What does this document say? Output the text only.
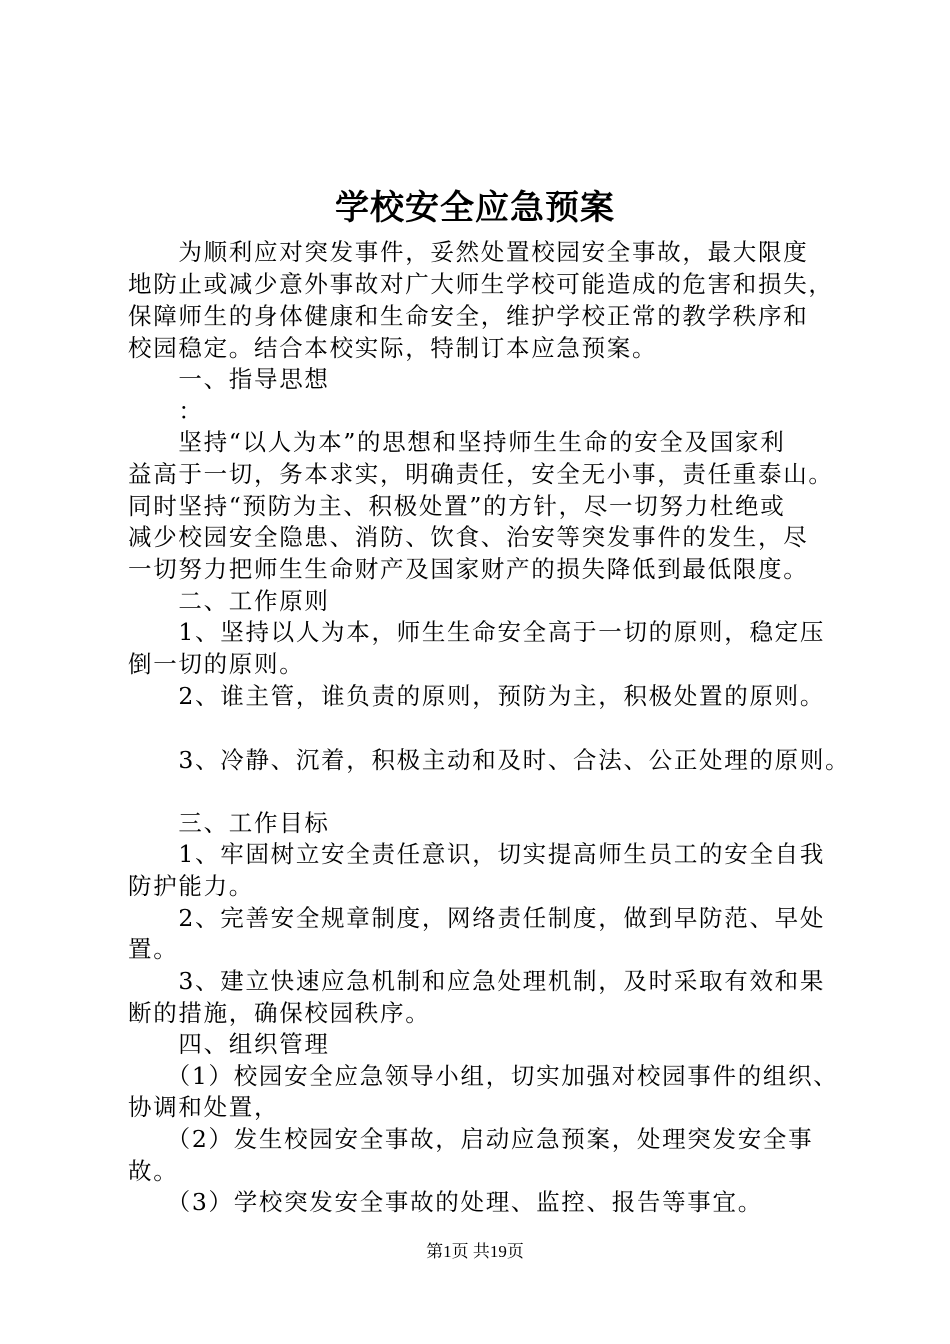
学校安全应急预案
　　为顺利应对突发事件，妥然处置校园安全事故，最大限度
地防止或减少意外事故对广大师生学校可能造成的危害和损失，
保障师生的身体健康和生命安全，维护学校正常的教学秩序和
校园稳定。结合本校实际，特制订本应急预案。
　　一、指导思想
　　：
　　坚持“以人为本”的思想和坚持师生生命的安全及国家利
益高于一切，务本求实，明确责任，安全无小事，责任重泰山。
同时坚持“预防为主、积极处置”的方针，尽一切努力杜绝或
减少校园安全隐患、消防、饮食、治安等突发事件的发生，尽
一切努力把师生生命财产及国家财产的损失降低到最低限度。
　　二、工作原则
　　1、坚持以人为本，师生生命安全高于一切的原则，稳定压
倒一切的原则。
　　2、谁主管，谁负责的原则，预防为主，积极处置的原则。
　　3、冷静、沉着，积极主动和及时、合法、公正处理的原则。
　　三、工作目标
　　1、牢固树立安全责任意识，切实提高师生员工的安全自我
防护能力。
　　2、完善安全规章制度，网络责任制度，做到早防范、早处
置。
　　3、建立快速应急机制和应急处理机制，及时采取有效和果
断的措施，确保校园秩序。
　　四、组织管理
　　（1）校园安全应急领导小组，切实加强对校园事件的组织、
协调和处置，
　　（2）发生校园安全事故，启动应急预案，处理突发安全事
故。
　　（3）学校突发安全事故的处理、监控、报告等事宜。
第1页 共19页
